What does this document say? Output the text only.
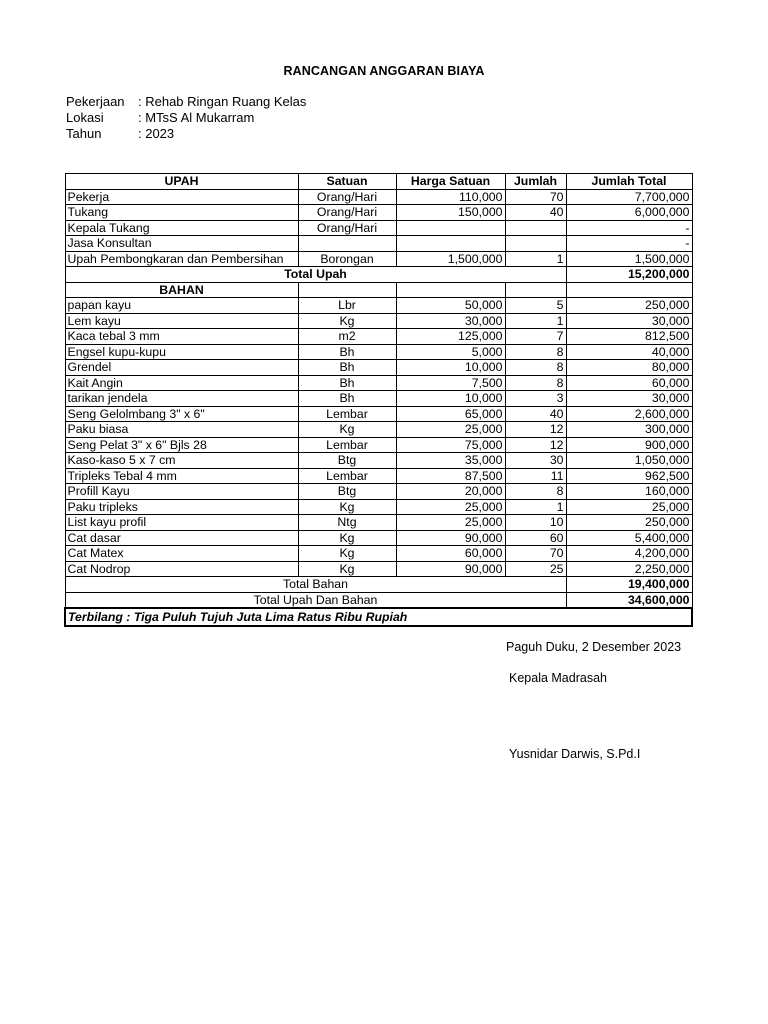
RANCANGAN ANGGARAN BIAYA
Pekerjaan	: Rehab Ringan Ruang Kelas
Lokasi	: MTsS Al Mukarram
Tahun	: 2023
UPAH	Satuan	Harga Satuan	Jumlah	Jumlah Total
Pekerja	Orang/Hari	110,000	70	7,700,000
Tukang	Orang/Hari	150,000	40	6,000,000
Kepala Tukang	Orang/Hari			-
Jasa Konsultan				-
Upah Pembongkaran dan Pembersihan	Borongan	1,500,000	1	1,500,000
Total Upah				15,200,000
BAHAN				
papan kayu	Lbr	50,000	5	250,000
Lem kayu	Kg	30,000	1	30,000
Kaca tebal 3 mm	m2	125,000	7	812,500
Engsel kupu-kupu	Bh	5,000	8	40,000
Grendel	Bh	10,000	8	80,000
Kait Angin	Bh	7,500	8	60,000
tarikan jendela	Bh	10,000	3	30,000
Seng Gelolmbang 3" x 6"	Lembar	65,000	40	2,600,000
Paku biasa	Kg	25,000	12	300,000
Seng Pelat 3" x 6" Bjls 28	Lembar	75,000	12	900,000
Kaso-kaso 5 x 7 cm	Btg	35,000	30	1,050,000
Tripleks Tebal 4 mm	Lembar	87,500	11	962,500
Profill Kayu	Btg	20,000	8	160,000
Paku tripleks	Kg	25,000	1	25,000
List kayu profil	Ntg	25,000	10	250,000
Cat dasar	Kg	90,000	60	5,400,000
Cat Matex	Kg	60,000	70	4,200,000
Cat Nodrop	Kg	90,000	25	2,250,000
Total Bahan				19,400,000
Total Upah Dan Bahan				34,600,000
Terbilang : Tiga Puluh Tujuh Juta Lima Ratus Ribu Rupiah				
Paguh Duku, 2 Desember 2023
Kepala Madrasah
Yusnidar Darwis, S.Pd.I
